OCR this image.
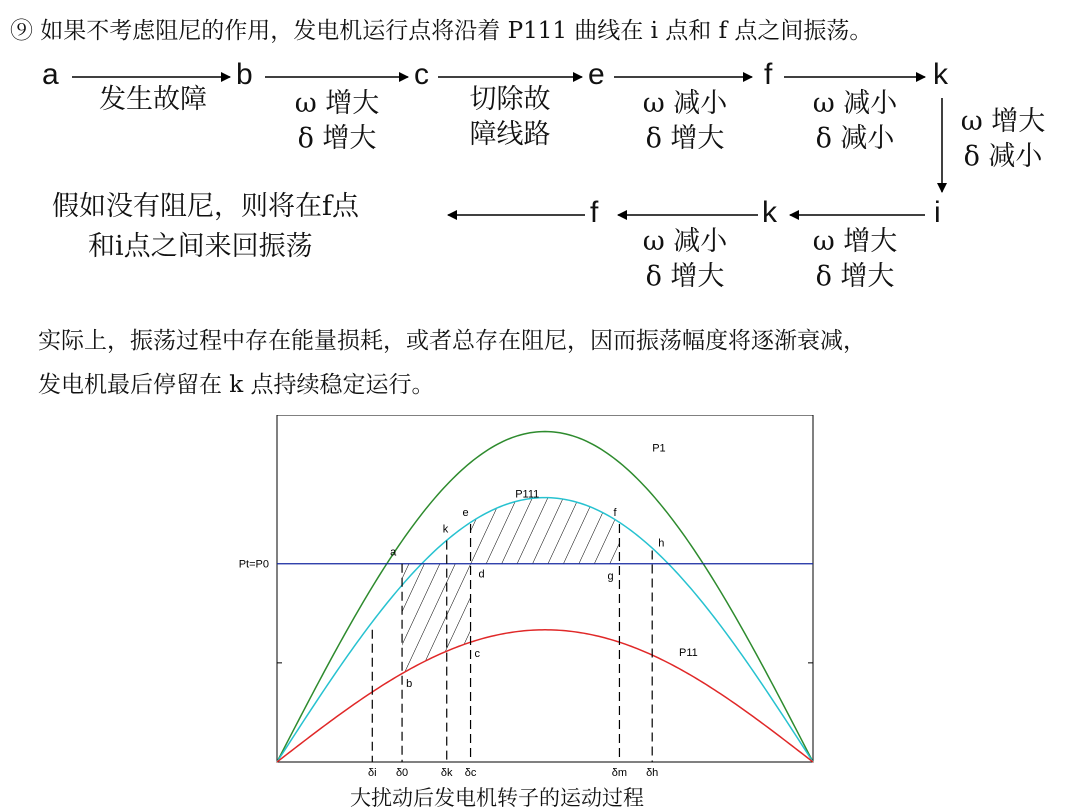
⑨ 如果不考虑阻尼的作用，发电机运行点将沿着 P111 曲线在 i 点和 f 点之间振荡。
a	b	c	e	f	k
i
k
f
发生故障	ω 增大
δ 增大
切除故
障线路
ω 减小
δ 增大
ω 减小
δ 减小
ω 增大
δ 减小
ω 增大
δ 增大
ω 减小
δ 增大
假如没有阻尼，则将在f点
和i点之间来回振荡
实际上，振荡过程中存在能量损耗，或者总存在阻尼，因而振荡幅度将逐渐衰减，
发电机最后停留在 k 点持续稳定运行。
Pt=P0
P1
P111
P11
δi δ0	δk δc	δm δh
a
b
c
d
e
k
f
g
h
大扰动后发电机转子的运动过程
